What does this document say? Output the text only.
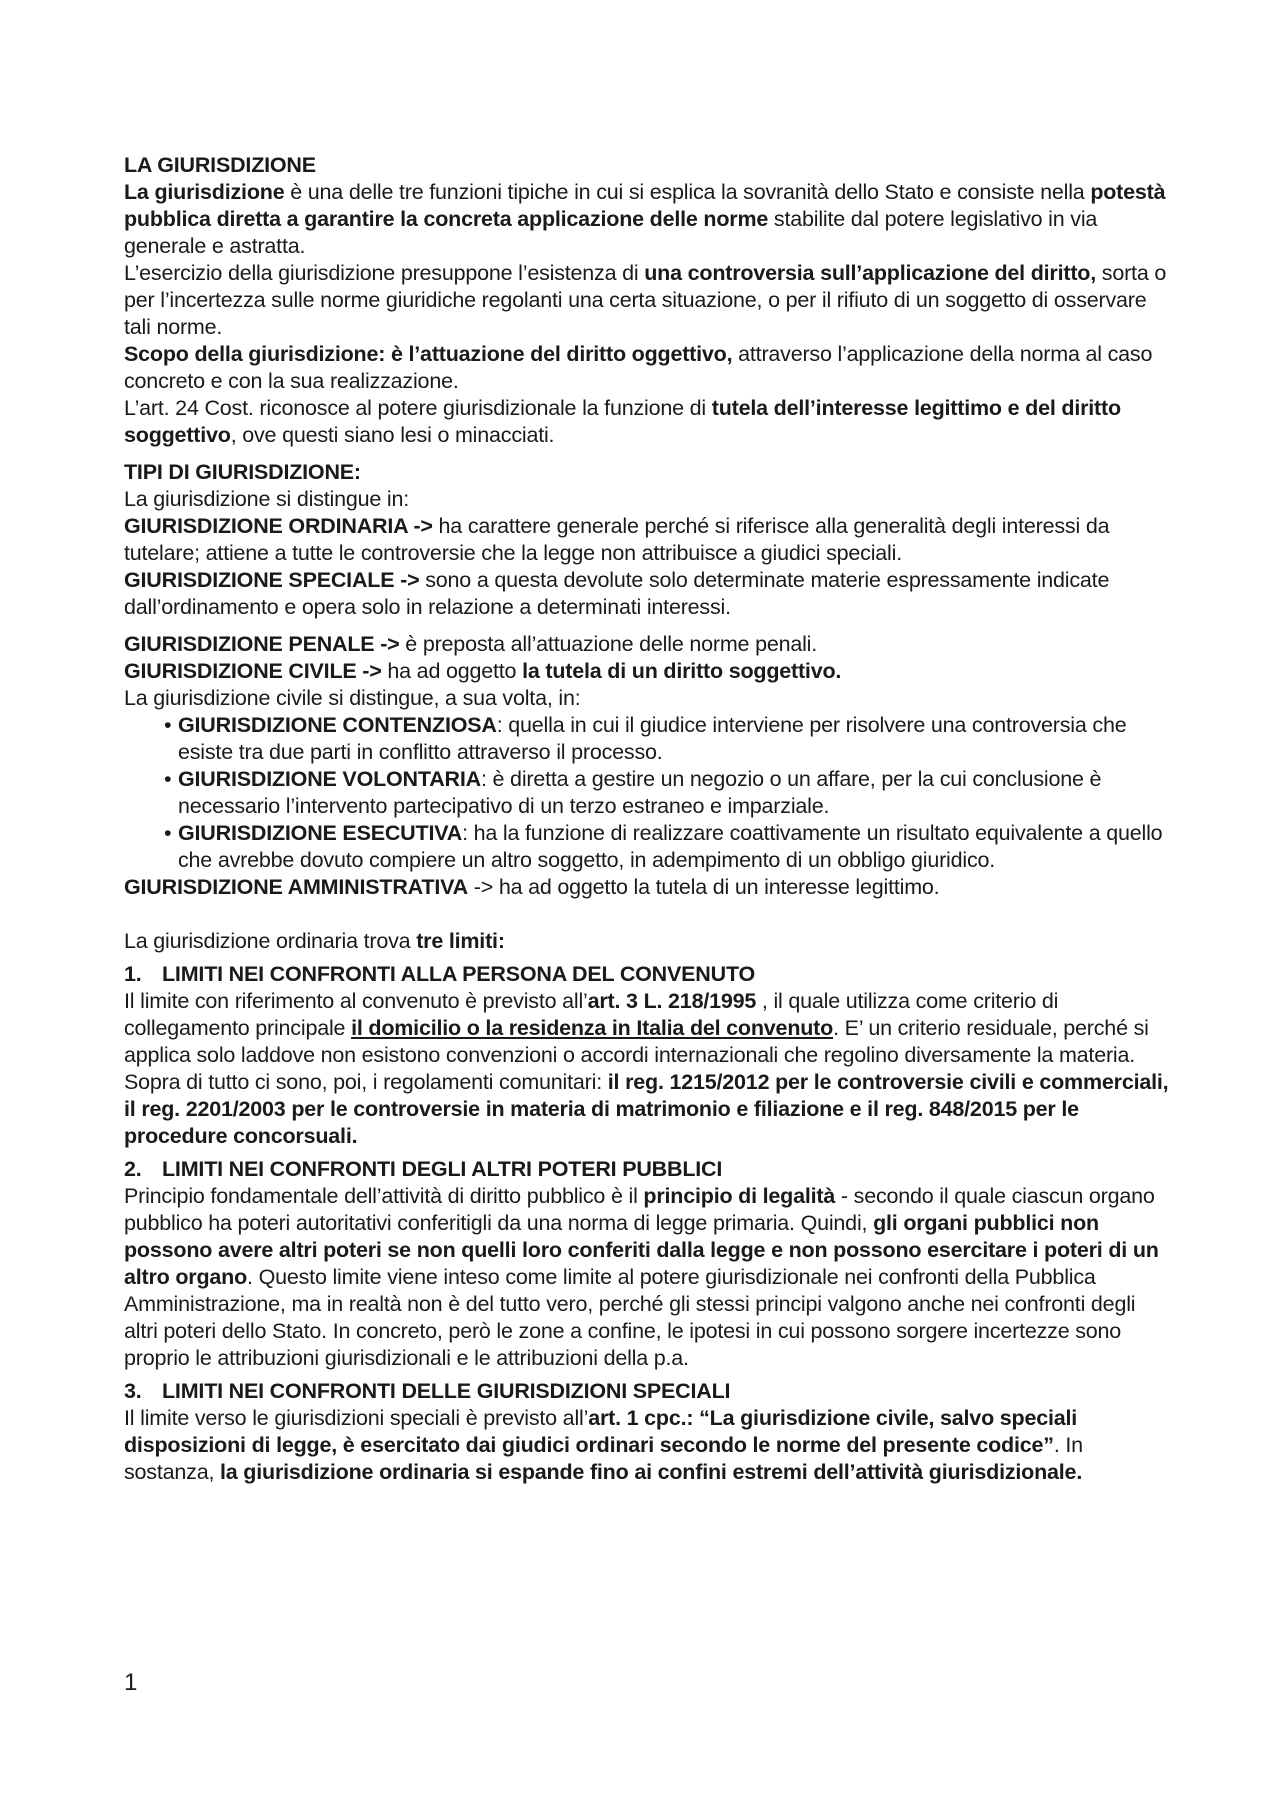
LA GIURISDIZIONE

La giurisdizione è una delle tre funzioni tipiche in cui si esplica la sovranità dello Stato e consiste nella potestà pubblica diretta a garantire la concreta applicazione delle norme stabilite dal potere legislativo in via generale e astratta.

L’esercizio della giurisdizione presuppone l’esistenza di una controversia sull’applicazione del diritto, sorta o per l’incertezza sulle norme giuridiche regolanti una certa situazione, o per il rifiuto di un soggetto di osservare tali norme.

Scopo della giurisdizione: è l’attuazione del diritto oggettivo, attraverso l’applicazione della norma al caso concreto e con la sua realizzazione.

L’art. 24 Cost. riconosce al potere giurisdizionale la funzione di tutela dell’interesse legittimo e del diritto soggettivo, ove questi siano lesi o minacciati.

TIPI DI GIURISDIZIONE:

La giurisdizione si distingue in:

GIURISDIZIONE ORDINARIA -> ha carattere generale perché si riferisce alla generalità degli interessi da tutelare; attiene a tutte le controversie che la legge non attribuisce a giudici speciali.

GIURISDIZIONE SPECIALE -> sono a questa devolute solo determinate materie espressamente indicate dall’ordinamento e opera solo in relazione a determinati interessi.

GIURISDIZIONE PENALE -> è preposta all’attuazione delle norme penali.

GIURISDIZIONE CIVILE -> ha ad oggetto la tutela di un diritto soggettivo.

La giurisdizione civile si distingue, a sua volta, in:

• GIURISDIZIONE CONTENZIOSA: quella in cui il giudice interviene per risolvere una controversia che esiste tra due parti in conflitto attraverso il processo.
• GIURISDIZIONE VOLONTARIA: è diretta a gestire un negozio o un affare, per la cui conclusione è necessario l’intervento partecipativo di un terzo estraneo e imparziale.
• GIURISDIZIONE ESECUTIVA: ha la funzione di realizzare coattivamente un risultato equivalente a quello che avrebbe dovuto compiere un altro soggetto, in adempimento di un obbligo giuridico.

GIURISDIZIONE AMMINISTRATIVA -> ha ad oggetto la tutela di un interesse legittimo.

La giurisdizione ordinaria trova tre limiti:

1. LIMITI NEI CONFRONTI ALLA PERSONA DEL CONVENUTO

Il limite con riferimento al convenuto è previsto all’art. 3 L. 218/1995 , il quale utilizza come criterio di collegamento principale il domicilio o la residenza in Italia del convenuto. E’ un criterio residuale, perché si applica solo laddove non esistono convenzioni o accordi internazionali che regolino diversamente la materia. Sopra di tutto ci sono, poi, i regolamenti comunitari: il reg. 1215/2012 per le controversie civili e commerciali, il reg. 2201/2003 per le controversie in materia di matrimonio e filiazione e il reg. 848/2015 per le procedure concorsuali.

2. LIMITI NEI CONFRONTI DEGLI ALTRI POTERI PUBBLICI

Principio fondamentale dell’attività di diritto pubblico è il principio di legalità - secondo il quale ciascun organo pubblico ha poteri autoritativi conferitigli da una norma di legge primaria. Quindi, gli organi pubblici non possono avere altri poteri se non quelli loro conferiti dalla legge e non possono esercitare i poteri di un altro organo. Questo limite viene inteso come limite al potere giurisdizionale nei confronti della Pubblica Amministrazione, ma in realtà non è del tutto vero, perché gli stessi principi valgono anche nei confronti degli altri poteri dello Stato. In concreto, però le zone a confine, le ipotesi in cui possono sorgere incertezze sono proprio le attribuzioni giurisdizionali e le attribuzioni della p.a.

3. LIMITI NEI CONFRONTI DELLE GIURISDIZIONI SPECIALI

Il limite verso le giurisdizioni speciali è previsto all’art. 1 cpc.: “La giurisdizione civile, salvo speciali disposizioni di legge, è esercitato dai giudici ordinari secondo le norme del presente codice”. In sostanza, la giurisdizione ordinaria si espande fino ai confini estremi dell’attività giurisdizionale.

1
